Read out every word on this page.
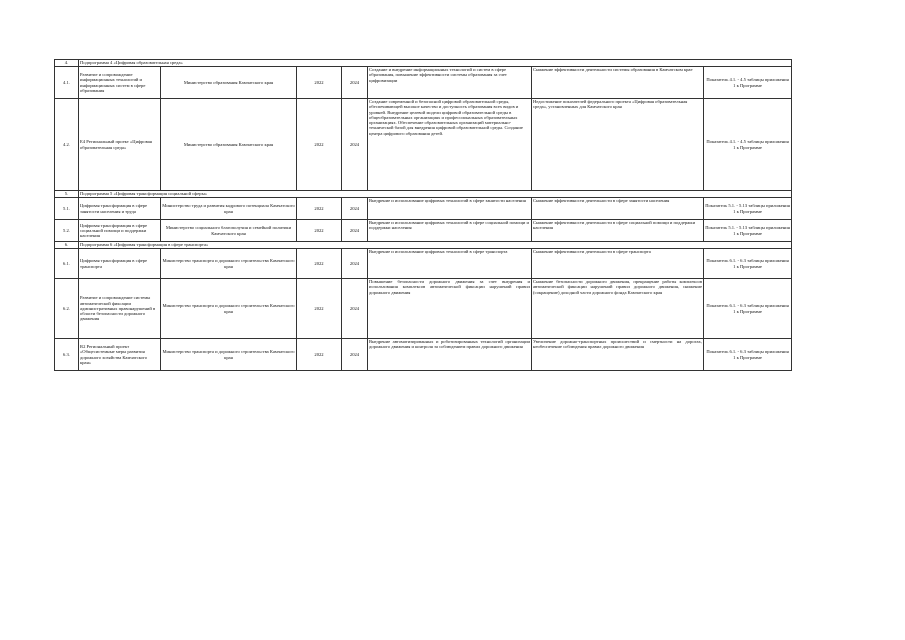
4.	Подпрограмма 4 «Цифровая образовательная среда»						
4.1.	Развитие и сопровождение информационных технологий и информационных систем в сфере образования	Министерство образования Камчатского края	2022	2024	Создание и внедрение информационных технологий и систем в сфере образования, повышение эффективности системы образования за счет цифровизации	Снижение эффективности деятельности системы образования в Камчатском крае	Показатель 4.1. - 4.5 таблицы приложения 1 к Программе
4.2.	Е4 Региональный проект «Цифровая образовательная среда»	Министерство образования Камчатского края	2022	2024	Создание современной и безопасной цифровой образовательной среды, обеспечивающей высокое качество и доступность образования всех видов и уровней. Внедрение целевой модели цифровой образовательной среды в общеобразовательных организациях и профессиональных образовательных организациях. Обеспечение образовательных организаций материально-технической базой для внедрения цифровой образовательной среды. Создание центра цифрового образования детей.	Недостижение показателей федерального проекта «Цифровая образовательная среда», установленных для Камчатского края	Показатель 4.1. - 4.5 таблицы приложения 1 к Программе
5.	Подпрограмма 5 «Цифровая трансформация социальной сферы»						
5.1.	Цифровая трансформация в сфере занятости населения и труда	Министерство труда и развития кадрового потенциала Камчатского края	2022	2024	Внедрение и использование цифровых технологий в сфере занятости населения	Снижение эффективности деятельности в сфере занятости населения	Показатель 5.1. - 5.13 таблицы приложения 1 к Программе
5.2.	Цифровая трансформация в сфере социальной помощи и поддержки населения	Министерство социального благополучия и семейной политики Камчатского края	2022	2024	Внедрение и использование цифровых технологий в сфере социальной помощи и поддержки населения	Снижение эффективности деятельности в сфере социальной помощи и поддержки населения	Показатель 5.1. - 5.13 таблицы приложения 1 к Программе
6.	Подпрограмма 6 «Цифровая трансформация в сфере транспорта»						
6.1.	Цифровая трансформация в сфере транспорта	Министерство транспорта и дорожного строительства Камчатского края	2022	2024	Внедрение и использование цифровых технологий в сфере транспорта	Снижение эффективности деятельности в сфере транспорта	Показатель 6.1. - 6.3 таблицы приложения 1 к Программе
6.2.	Развитие и сопровождение системы автоматической фиксации административных правонарушений в области безопасности дорожного движения	Министерство транспорта и дорожного строительства Камчатского края	2022	2024	Повышение безопасности дорожного движения за счет внедрения и использования комплексов автоматической фиксации нарушений правил дорожного движения	Снижение безопасности дорожного движения, прекращение работы комплексов автоматической фиксации нарушений правил дорожного движения, снижение (сокращение) доходной части дорожного фонда Камчатского края	Показатель 6.1. - 6.3 таблицы приложения 1 к Программе
6.3.	R2 Региональный проект «Общесистемные меры развития дорожного хозяйства Камчатского края»	Министерство транспорта и дорожного строительства Камчатского края	2022	2024	Внедрение автоматизированных и роботизированных технологий организации дорожного движения и контроля за соблюдением правил дорожного движения	Увеличение дорожно-транспортных происшествий и смертности на дорогах, необеспечение соблюдения правил дорожного движения	Показатель 6.1. - 6.3 таблицы приложения 1 к Программе
